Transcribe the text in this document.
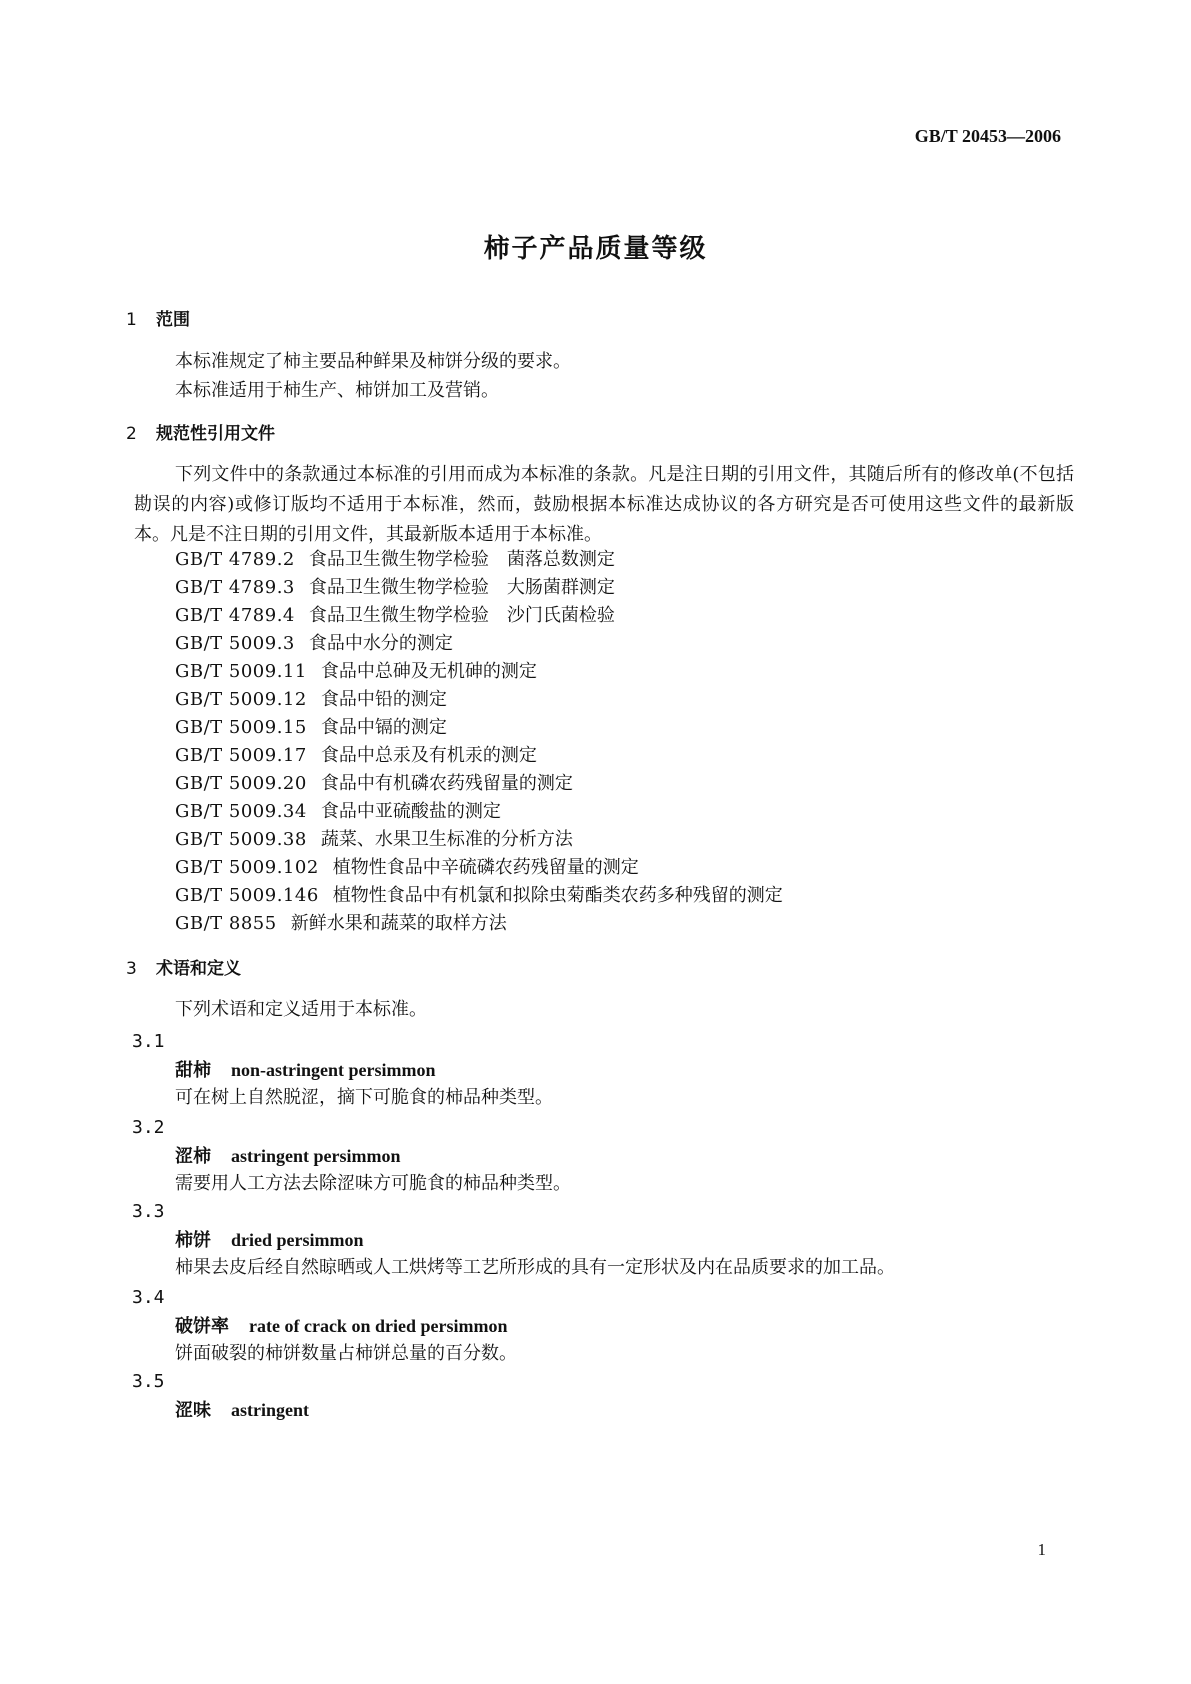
GB/T 20453—2006
柿子产品质量等级
1 范围
本标准规定了柿主要品种鲜果及柿饼分级的要求。
本标准适用于柿生产、柿饼加工及营销。
2 规范性引用文件

下列文件中的条款通过本标准的引用而成为本标准的条款。凡是注日期的引用文件，其随后所有的修改单(不包括勘误的内容)或修订版均不适用于本标准，然而，鼓励根据本标准达成协议的各方研究是否可使用这些文件的最新版本。凡是不注日期的引用文件，其最新版本适用于本标准。

GB/T 4789.2 食品卫生微生物学检验　菌落总数测定
GB/T 4789.3 食品卫生微生物学检验　大肠菌群测定
GB/T 4789.4 食品卫生微生物学检验　沙门氏菌检验
GB/T 5009.3 食品中水分的测定
GB/T 5009.11 食品中总砷及无机砷的测定
GB/T 5009.12 食品中铅的测定
GB/T 5009.15 食品中镉的测定
GB/T 5009.17 食品中总汞及有机汞的测定
GB/T 5009.20 食品中有机磷农药残留量的测定
GB/T 5009.34 食品中亚硫酸盐的测定
GB/T 5009.38 蔬菜、水果卫生标准的分析方法
GB/T 5009.102 植物性食品中辛硫磷农药残留量的测定
GB/T 5009.146 植物性食品中有机氯和拟除虫菊酯类农药多种残留的测定
GB/T 8855 新鲜水果和蔬菜的取样方法
3 术语和定义
下列术语和定义适用于本标准。
3.1
甜柿 non-astringent persimmon
可在树上自然脱涩，摘下可脆食的柿品种类型。
3.2
涩柿 astringent persimmon
需要用人工方法去除涩味方可脆食的柿品种类型。
3.3
柿饼 dried persimmon
柿果去皮后经自然晾晒或人工烘烤等工艺所形成的具有一定形状及内在品质要求的加工品。
3.4
破饼率 rate of crack on dried persimmon
饼面破裂的柿饼数量占柿饼总量的百分数。
3.5
涩味 astringent
1
